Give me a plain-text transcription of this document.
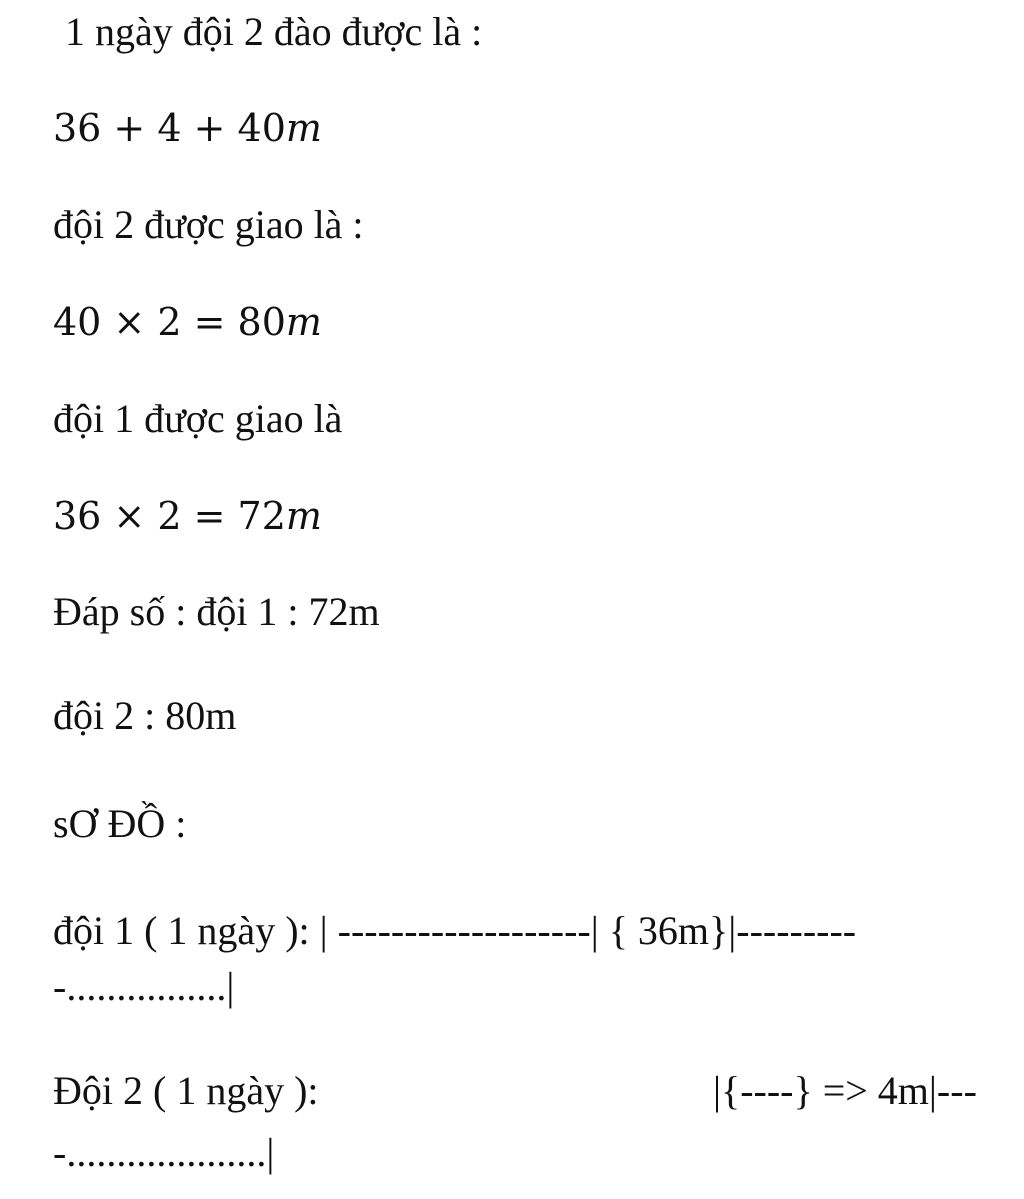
1 ngày đội 2 đào được là :

36 + 4 + 40m

đội 2 được giao là :

40 × 2 = 80m

đội 1 được giao là

36 × 2 = 72m

Đáp số : đội 1 : 72m

đội 2 : 80m

sƠ ĐỒ :

đội 1 ( 1 ngày ): | -------------------| { 36m}|---------

-................|

Đội 2 ( 1 ngày ):	|{----} => 4m|---

-....................|
